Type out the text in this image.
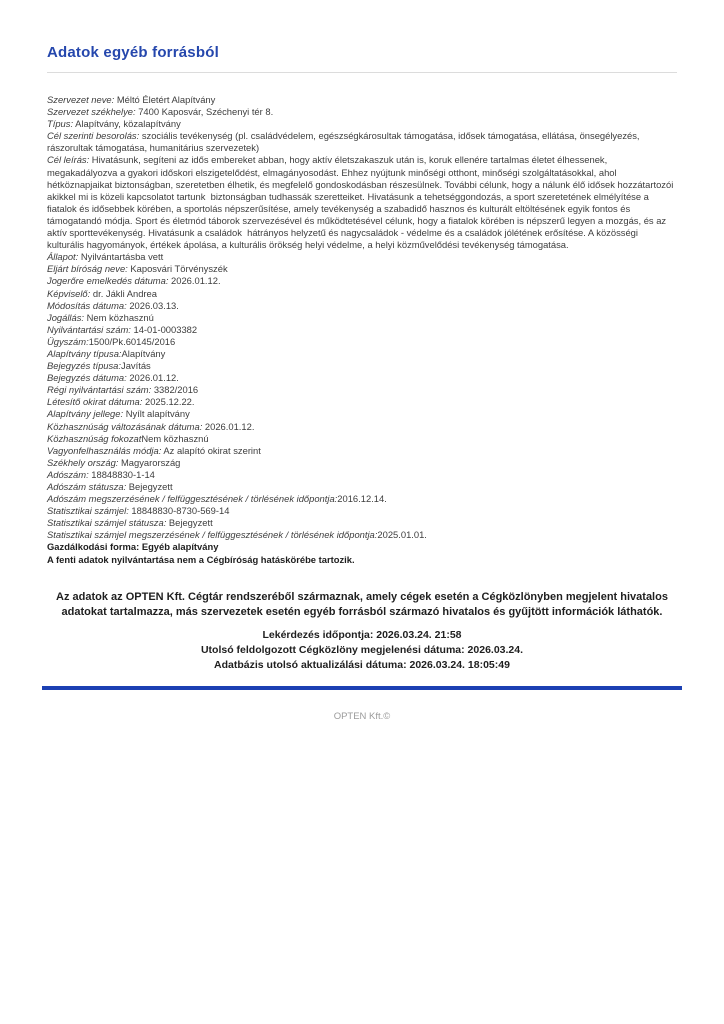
Adatok egyéb forrásból

Szervezet neve: Méltó Életért Alapítvány

Szervezet székhelye: 7400 Kaposvár, Széchenyi tér 8.

Típus: Alapítvány, közalapítvány

Cél szerinti besorolás: szociális tevékenység (pl. családvédelem, egészségkárosultak támogatása, idősek támogatása, ellátása, önsegélyezés, rászorultak támogatása, humanitárius szervezetek)

Cél leírás: Hivatásunk, segíteni az idős embereket abban, hogy aktív életszakaszuk után is, koruk ellenére tartalmas életet élhessenek, megakadályozva a gyakori időskori elszigetelődést, elmagányosodást. Ehhez nyújtunk minőségi otthont, minőségi szolgáltatásokkal, ahol hétköznapjaikat biztonságban, szeretetben élhetik, és megfelelő gondoskodásban részesülnek. További célunk, hogy a nálunk élő idősek hozzátartozói  akikkel mi is közeli kapcsolatot tartunk  biztonságban tudhassák szeretteiket. Hivatásunk a tehetséggondozás, a sport szeretetének elmélyítése a fiatalok és idősebbek körében, a sportolás népszerűsítése, amely tevékenység a szabadidő hasznos és kulturált eltöltésének egyik fontos és támogatandó módja. Sport és életmód táborok szervezésével és működtetésével célunk, hogy a fiatalok körében is népszerű legyen a mozgás, és az aktív sporttevékenység. Hivatásunk a családok  hátrányos helyzetű és nagycsaládok - védelme és a családok jólétének erősítése. A közösségi kulturális hagyományok, értékek ápolása, a kulturális örökség helyi védelme, a helyi közművelődési tevékenység támogatása.

Állapot: Nyilvántartásba vett

Eljárt bíróság neve: Kaposvári Törvényszék

Jogerőre emelkedés dátuma: 2026.01.12.

Képviselő: dr. Jákli Andrea

Módosítás dátuma: 2026.03.13.

Jogállás: Nem közhasznú

Nyilvántartási szám: 14-01-0003382

Ügyszám:1500/Pk.60145/2016

Alapítvány típusa:Alapítvány

Bejegyzés típusa:Javítás

Bejegyzés dátuma: 2026.01.12.

Régi nyilvántartási szám: 3382/2016

Létesítő okirat dátuma: 2025.12.22.

Alapítvány jellege: Nyílt alapítvány

Közhasznúság változásának dátuma: 2026.01.12.

Közhasznúság fokozatNem közhasznú

Vagyonfelhasználás módja: Az alapító okirat szerint

Székhely ország: Magyarország

Adószám: 18848830-1-14

Adószám státusza: Bejegyzett

Adószám megszerzésének / felfüggesztésének / törlésének időpontja:2016.12.14.

Statisztikai számjel: 18848830-8730-569-14

Statisztikai számjel státusza: Bejegyzett

Statisztikai számjel megszerzésének / felfüggesztésének / törlésének időpontja:2025.01.01.

Gazdálkodási forma: Egyéb alapítvány

A fenti adatok nyilvántartása nem a Cégbíróság hatáskörébe tartozik.

Az adatok az OPTEN Kft. Cégtár rendszeréből származnak, amely cégek esetén a Cégközlönyben megjelent hivatalos adatokat tartalmazza, más szervezetek esetén egyéb forrásból származó hivatalos és gyűjtött információk láthatók.

Lekérdezés időpontja: 2026.03.24. 21:58

Utolsó feldolgozott Cégközlöny megjelenési dátuma: 2026.03.24.

Adatbázis utolsó aktualizálási dátuma: 2026.03.24. 18:05:49

OPTEN Kft.©
